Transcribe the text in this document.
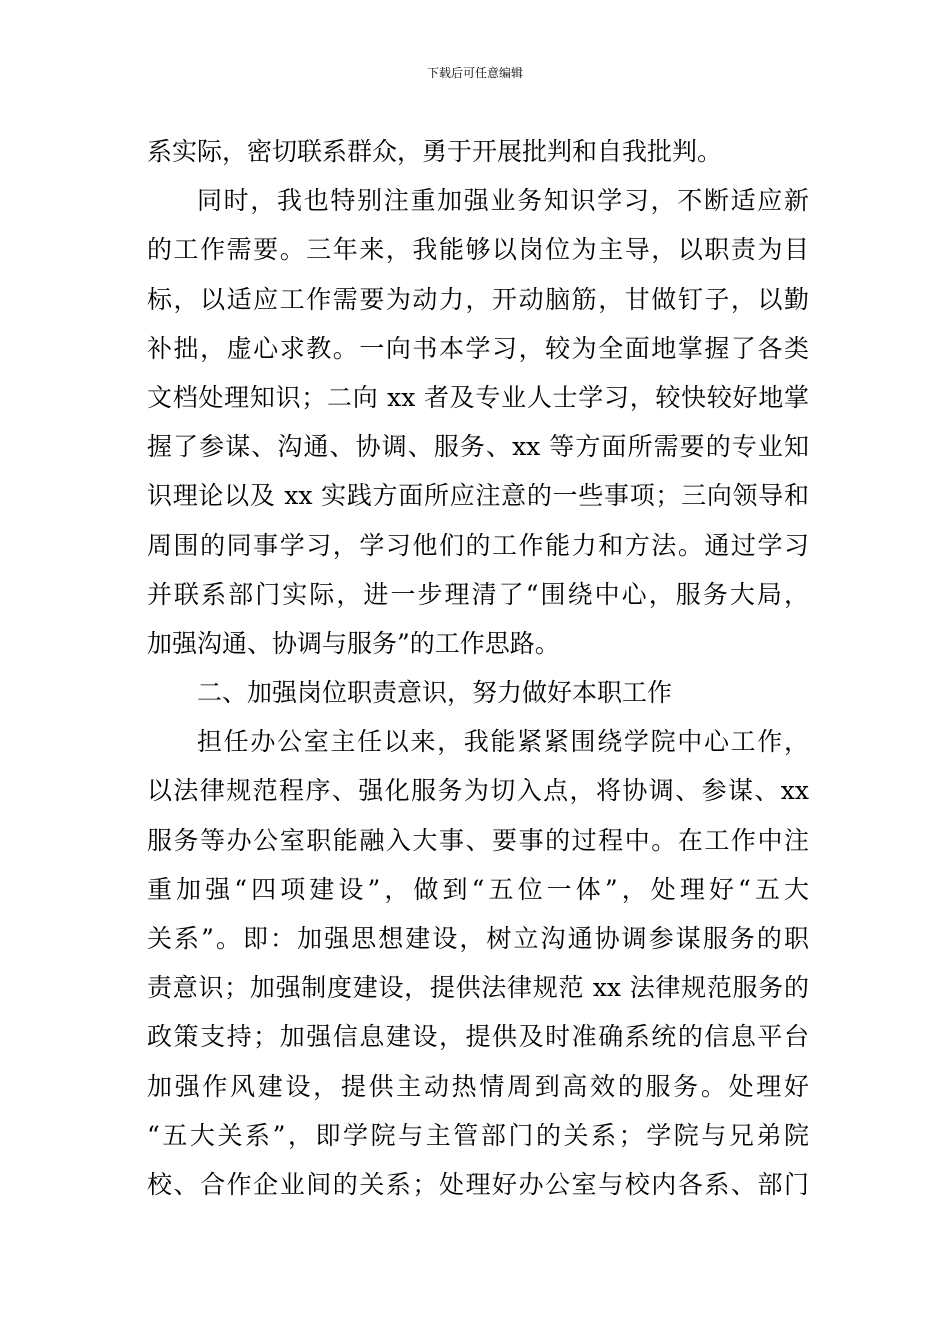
下载后可任意编辑
系实际，密切联系群众，勇于开展批判和自我批判。
同时，我也特别注重加强业务知识学习，不断适应新
的工作需要。三年来，我能够以岗位为主导，以职责为目
标，以适应工作需要为动力，开动脑筋，甘做钉子，以勤
补拙，虚心求教。一向书本学习，较为全面地掌握了各类
文档处理知识；二向 xx 者及专业人士学习，较快较好地掌
握了参谋、沟通、协调、服务、xx 等方面所需要的专业知
识理论以及 xx 实践方面所应注意的一些事项；三向领导和
周围的同事学习，学习他们的工作能力和方法。通过学习
并联系部门实际，进一步理清了“围绕中心，服务大局，
加强沟通、协调与服务”的工作思路。
二、加强岗位职责意识，努力做好本职工作
担任办公室主任以来，我能紧紧围绕学院中心工作，
以法律规范程序、强化服务为切入点，将协调、参谋、xx
服务等办公室职能融入大事、要事的过程中。在工作中注
重加强“四项建设”，做到“五位一体”，处理好“五大
关系”。即：加强思想建设，树立沟通协调参谋服务的职
责意识；加强制度建设，提供法律规范 xx 法律规范服务的
政策支持；加强信息建设，提供及时准确系统的信息平台
加强作风建设，提供主动热情周到高效的服务。处理好
“五大关系”，即学院与主管部门的关系；学院与兄弟院
校、合作企业间的关系；处理好办公室与校内各系、部门
